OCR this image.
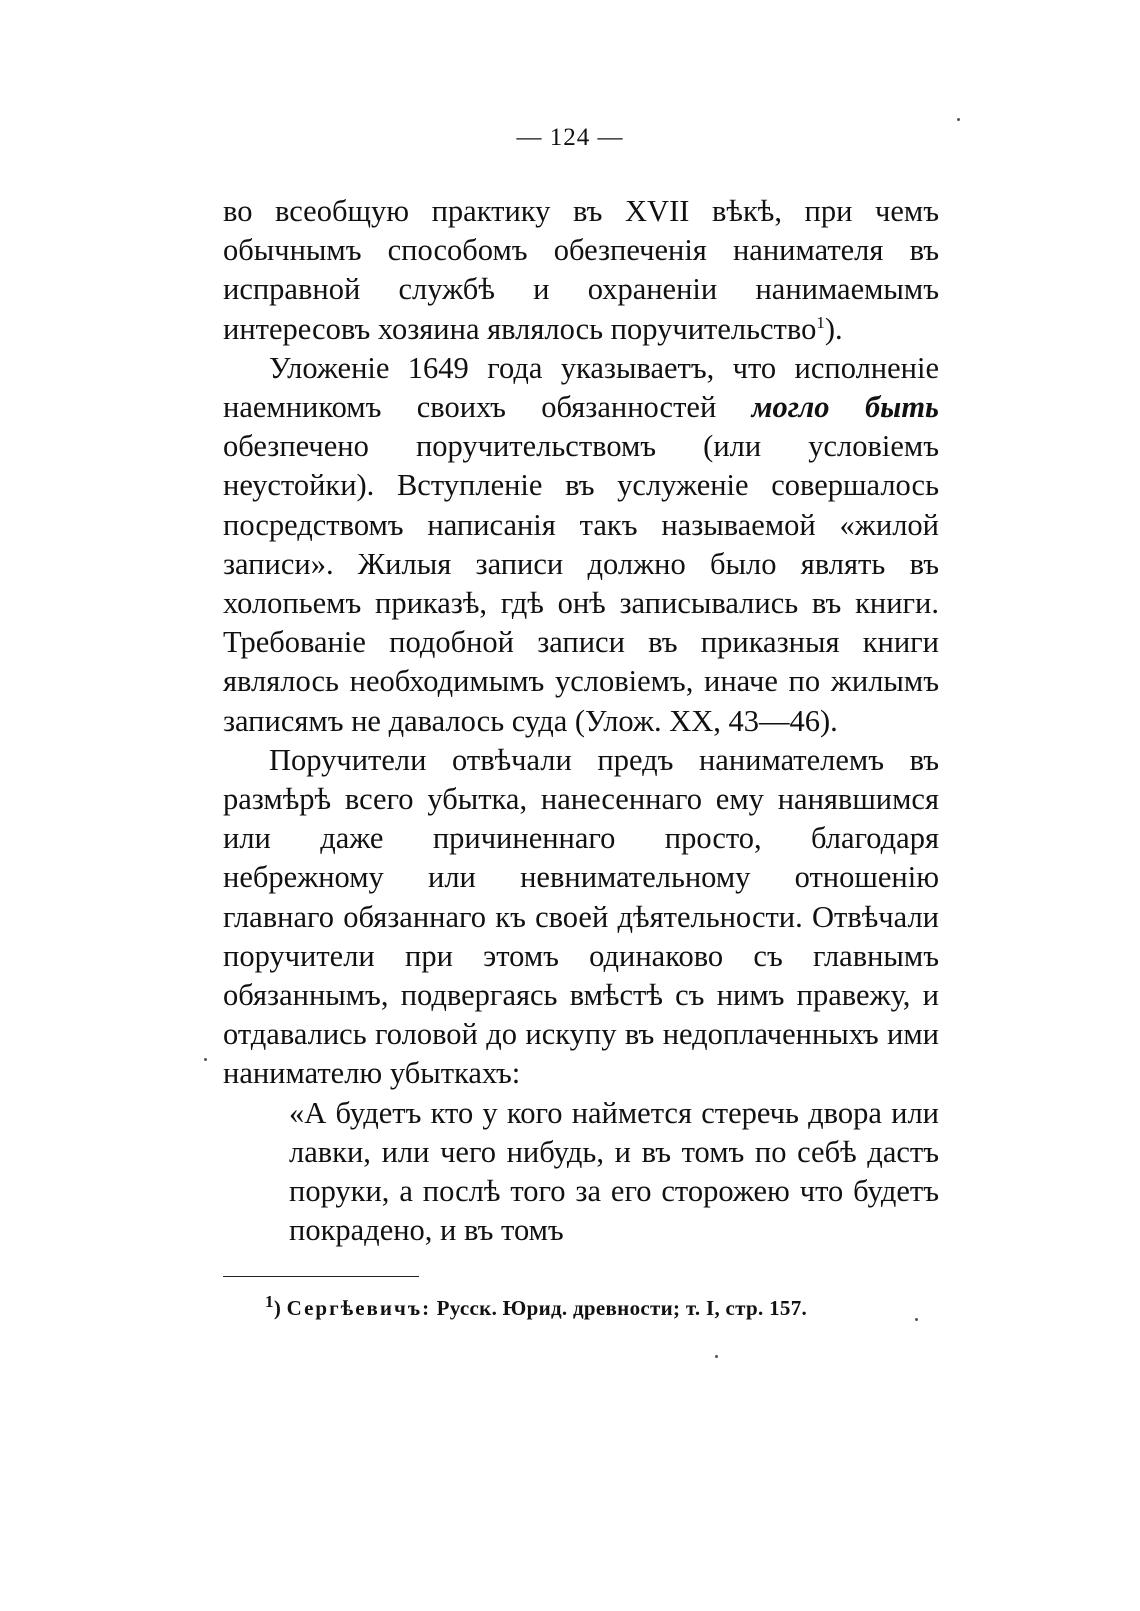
— 124 —

во всеобщую практику въ XVII вѣкѣ, при чемъ обычнымъ способомъ обезпеченія нанимателя въ исправной службѣ и охраненіи нанимаемымъ интересовъ хозяина являлось поручительство$^1$).

Уложеніе 1649 года указываетъ, что исполненіе наемникомъ своихъ обязанностей могло быть обезпечено поручительствомъ (или условіемъ неустойки). Вступленіе въ услуженіе совершалось посредствомъ написанія такъ называемой «жилой записи». Жилыя записи должно было являть въ холопьемъ приказѣ, гдѣ онѣ записывались въ книги. Требованіе подобной записи въ приказныя книги являлось необходимымъ условіемъ, иначе по жилымъ записямъ не давалось суда (Улож. XX, 43—46).

Поручители отвѣчали предъ нанимателемъ въ размѣрѣ всего убытка, нанесеннаго ему нанявшимся или даже причиненнаго просто, благодаря небрежному или невнимательному отношенію главнаго обязаннаго къ своей дѣятельности. Отвѣчали поручители при этомъ одинаково съ главнымъ обязаннымъ, подвергаясь вмѣстѣ съ нимъ правежу, и отдавались головой до искупу въ недоплаченныхъ ими нанимателю убыткахъ:

«А будетъ кто у кого наймется стеречь двора или лавки, или чего нибудь, и въ томъ по себѣ дастъ поруки, а послѣ того за его сторожею что будетъ покрадено, и въ томъ

$^1$) Сергѣевичъ: Русск. Юрид. древности; т. I, стр. 157.
